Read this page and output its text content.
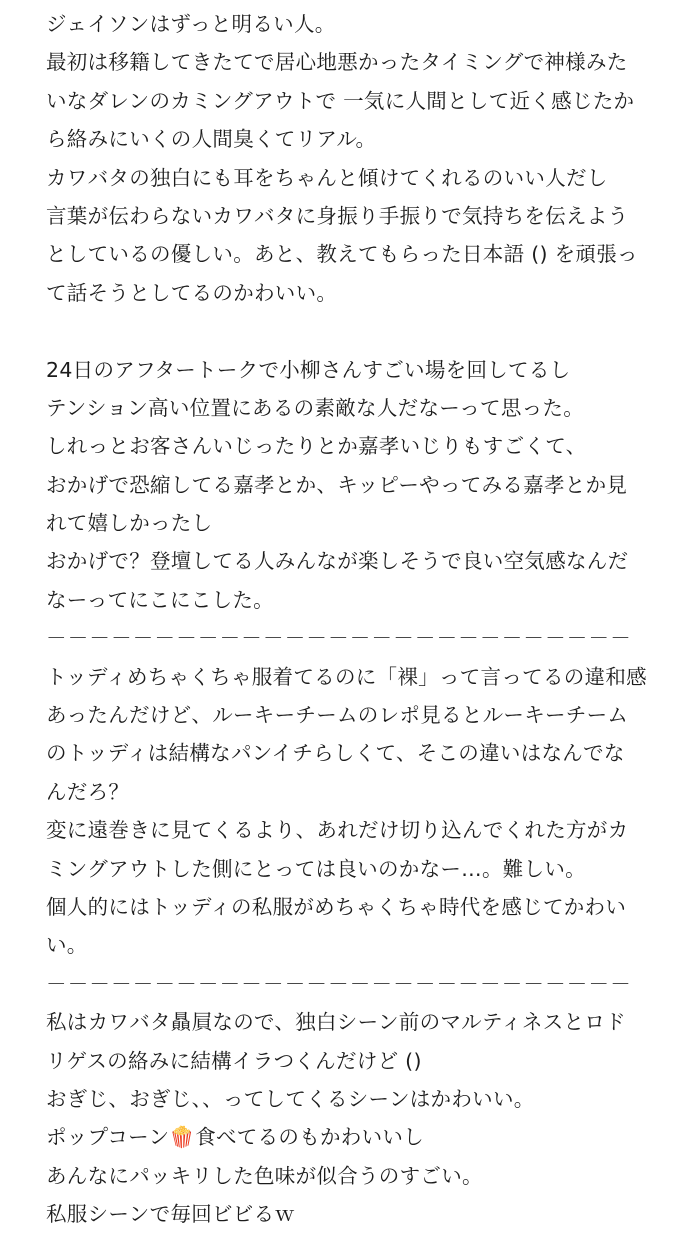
ジェイソンはずっと明るい人。
最初は移籍してきたてで居心地悪かったタイミングで神様みた
いなダレンのカミングアウトで 一気に人間として近く感じたか
ら絡みにいくの人間臭くてリアル。
カワバタの独白にも耳をちゃんと傾けてくれるのいい人だし
言葉が伝わらないカワバタに身振り手振りで気持ちを伝えよう
としているの優しい。あと、教えてもらった日本語 () を頑張っ
て話そうとしてるのかわいい。
24日のアフタートークで小柳さんすごい場を回してるし
テンション高い位置にあるの素敵な人だなーって思った。
しれっとお客さんいじったりとか嘉孝いじりもすごくて、
おかげで恐縮してる嘉孝とか、キッピーやってみる嘉孝とか見
れて嬉しかったし
おかげで？登壇してる人みんなが楽しそうで良い空気感なんだ
なーってにこにこした。
－－－－－－－－－－－－－－－－－－－－－－－－－－－
トッディめちゃくちゃ服着てるのに「裸」って言ってるの違和感
あったんだけど、ルーキーチームのレポ見るとルーキーチーム
のトッディは結構なパンイチらしくて、そこの違いはなんでな
んだろ？
変に遠巻きに見てくるより、あれだけ切り込んでくれた方がカ
ミングアウトした側にとっては良いのかなー…。難しい。
個人的にはトッディの私服がめちゃくちゃ時代を感じてかわい
い。
－－－－－－－－－－－－－－－－－－－－－－－－－－－
私はカワバタ贔屓なので、独白シーン前のマルティネスとロド
リゲスの絡みに結構イラつくんだけど ()
おぎじ、おぎじ、、ってしてくるシーンはかわいい。
ポップコーン🍿食べてるのもかわいいし
あんなにパッキリした色味が似合うのすごい。
私服シーンで毎回ビビるｗ
